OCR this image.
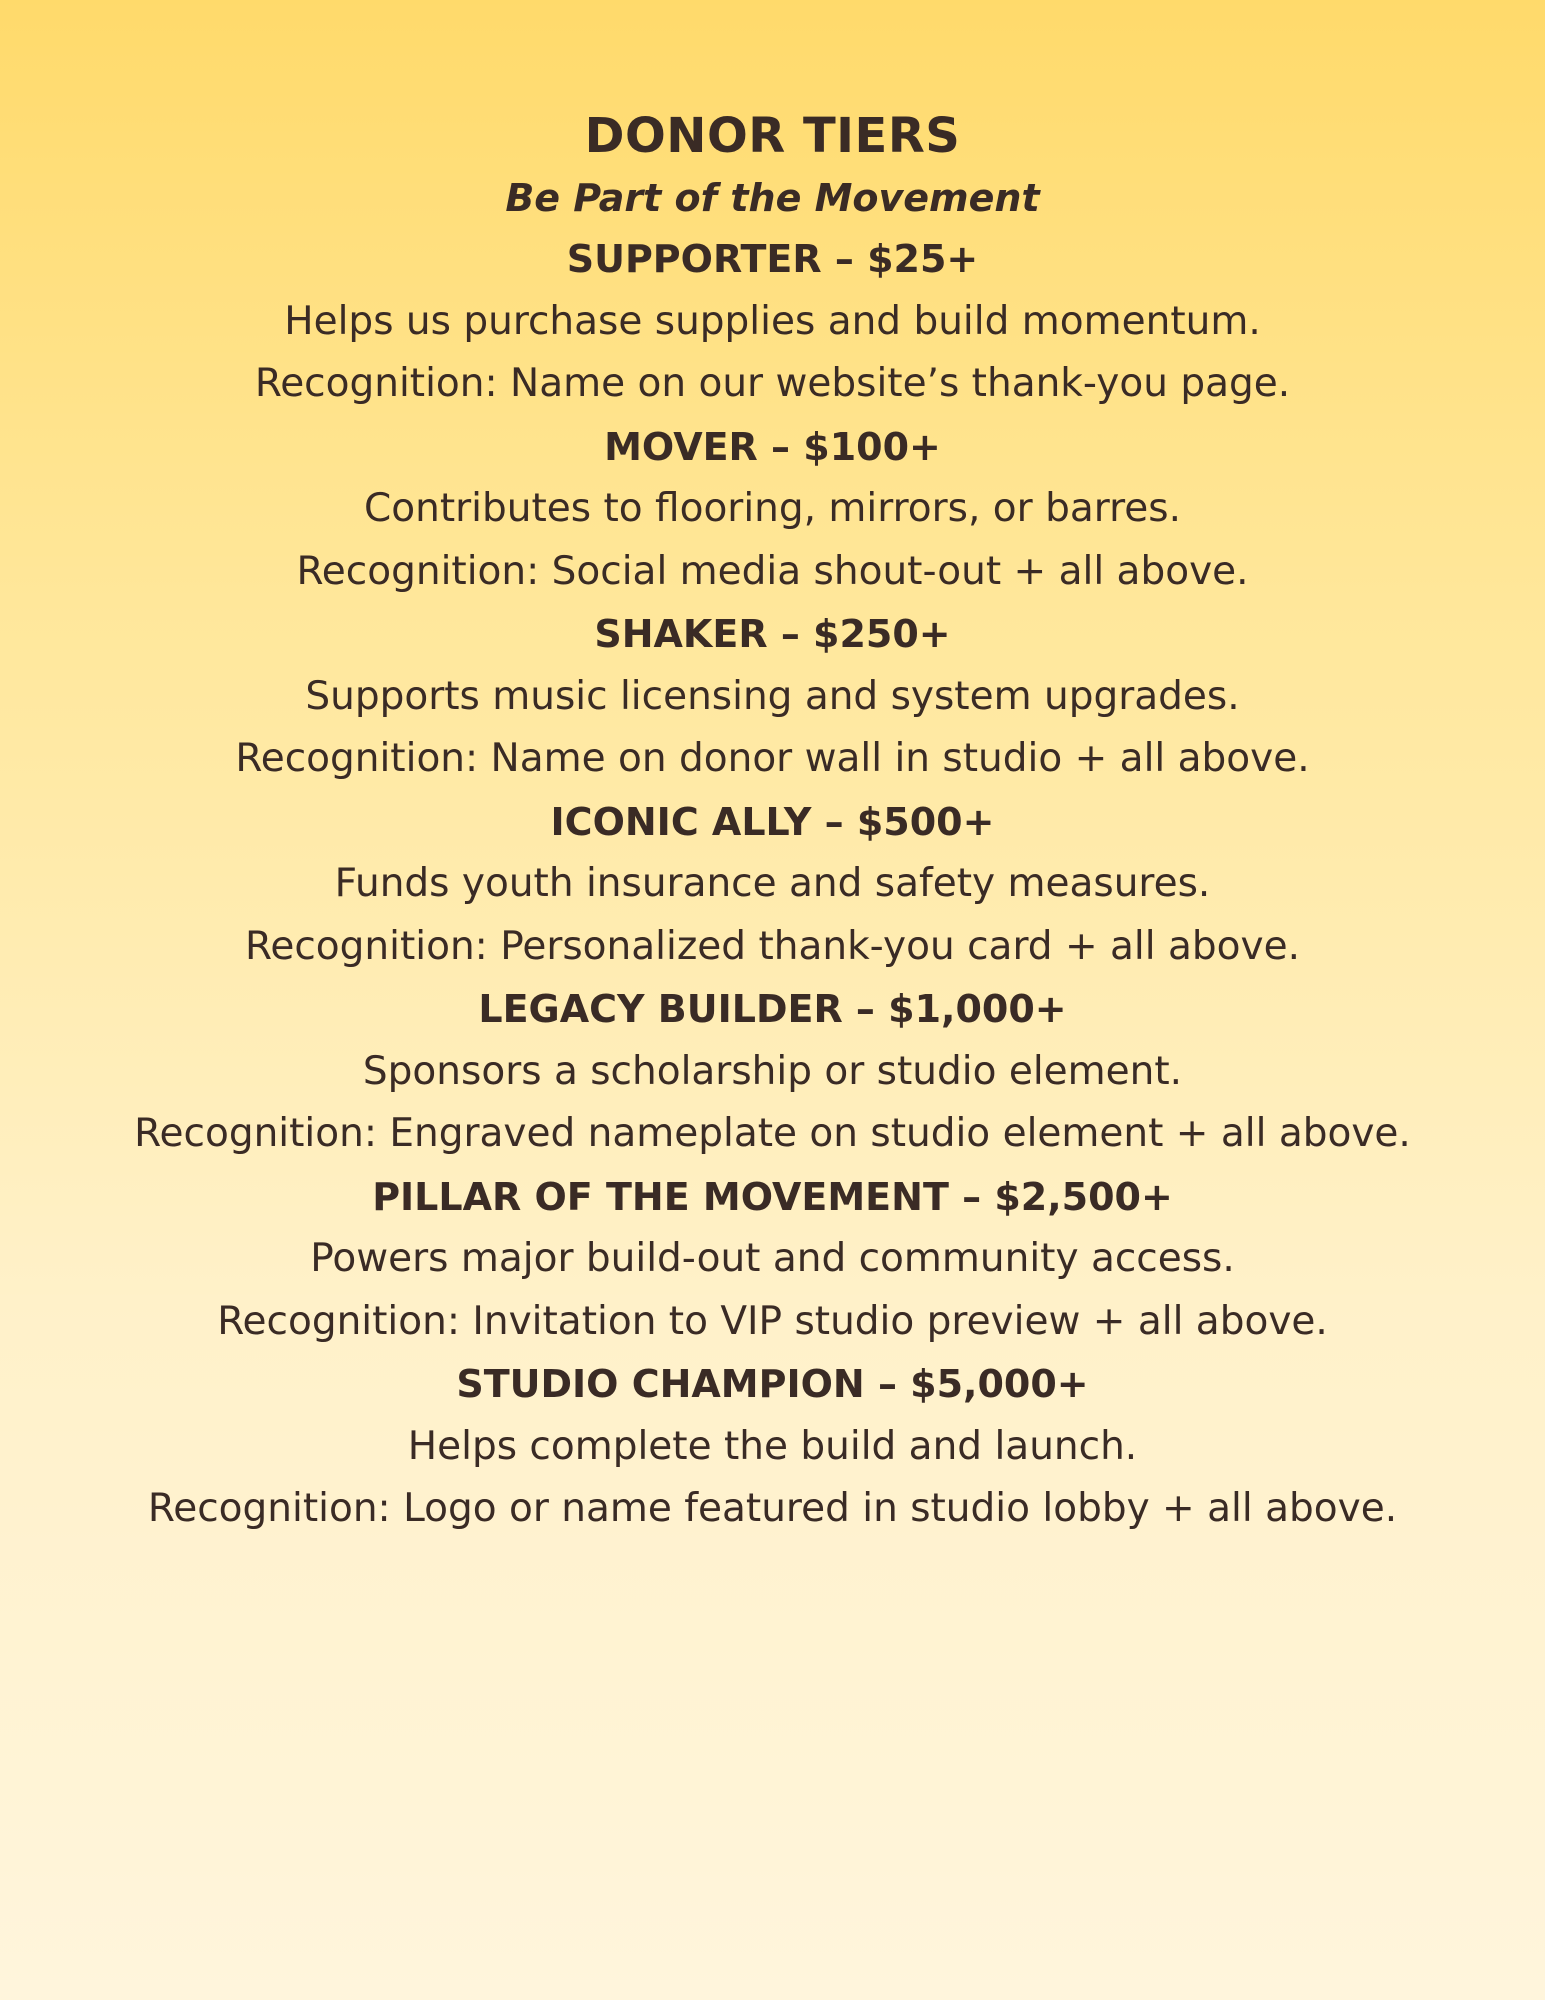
DONOR TIERS
Be Part of the Movement
SUPPORTER – $25+
Helps us purchase supplies and build momentum.
Recognition: Name on our website’s thank-you page.
MOVER – $100+
Contributes to flooring, mirrors, or barres.
Recognition: Social media shout-out + all above.
SHAKER – $250+
Supports music licensing and system upgrades.
Recognition: Name on donor wall in studio + all above.
ICONIC ALLY – $500+
Funds youth insurance and safety measures.
Recognition: Personalized thank-you card + all above.
LEGACY BUILDER – $1,000+
Sponsors a scholarship or studio element.
Recognition: Engraved nameplate on studio element + all above.
PILLAR OF THE MOVEMENT – $2,500+
Powers major build-out and community access.
Recognition: Invitation to VIP studio preview + all above.
STUDIO CHAMPION – $5,000+
Helps complete the build and launch.
Recognition: Logo or name featured in studio lobby + all above.
